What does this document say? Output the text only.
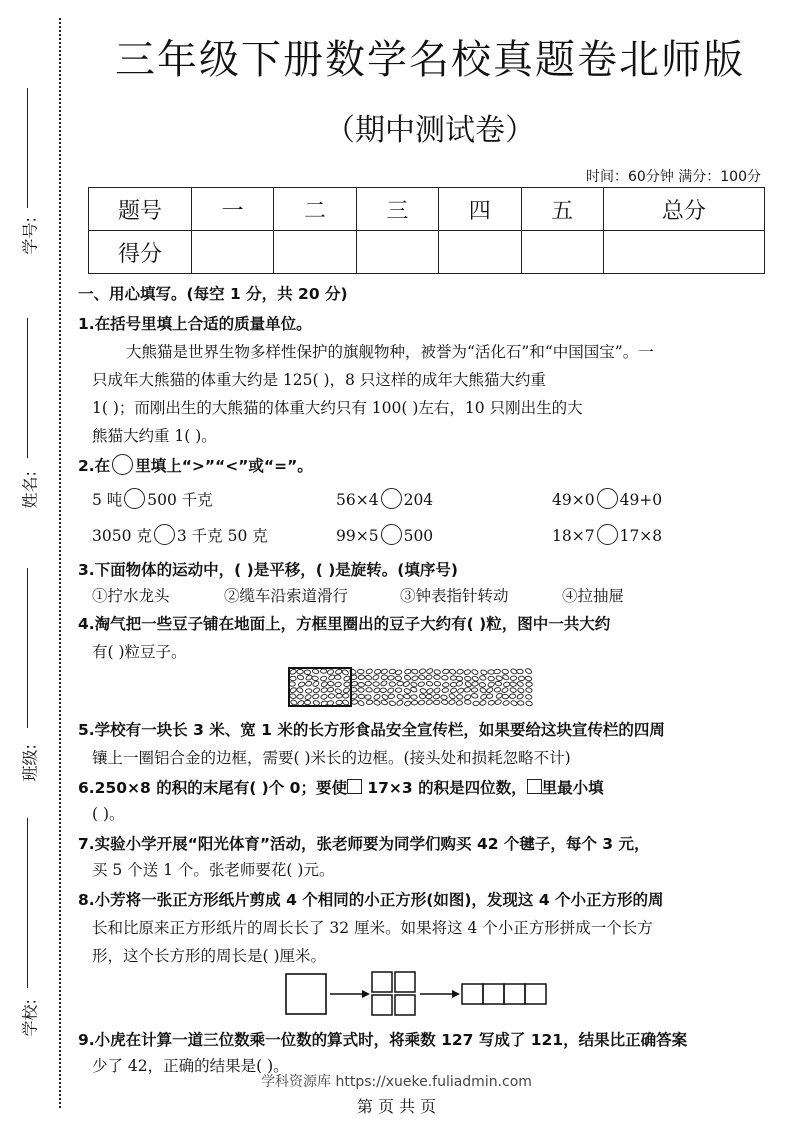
学号:
姓名:
班级:
学校:
三年级下册数学名校真题卷北师版
（期中测试卷）
时间：60分钟 满分：100分
题号	一	二	三	四	五	总分
得分						
一、用心填写。(每空 1 分，共 20 分)
1.在括号里填上合适的质量单位。
大熊猫是世界生物多样性保护的旗舰物种，被誉为“活化石”和“中国国宝”。一
只成年大熊猫的体重大约是 125( )，8 只这样的成年大熊猫大约重
1( )；而刚出生的大熊猫的体重大约只有 100( )左右，10 只刚出生的大
熊猫大约重 1( )。
2.在 里填上“>”“<”或“=”。
5 吨 500 千克	56×4 204	49×0 49+0
3050 克 3 千克 50 克	99×5 500	18×7 17×8
3.下面物体的运动中，( )是平移，( )是旋转。(填序号)
①拧水龙头	②缆车沿索道滑行	③钟表指针转动	④拉抽屉
4.淘气把一些豆子铺在地面上，方框里圈出的豆子大约有( )粒，图中一共大约
有( )粒豆子。
5.学校有一块长 3 米、宽 1 米的长方形食品安全宣传栏，如果要给这块宣传栏的四周
镶上一圈铝合金的边框，需要( )米长的边框。(接头处和损耗忽略不计)
6.250×8 的积的末尾有( )个 0；要使 17×3 的积是四位数， 里最小填
( )。
7.实验小学开展“阳光体育”活动，张老师要为同学们购买 42 个毽子，每个 3 元，
买 5 个送 1 个。张老师要花( )元。
8.小芳将一张正方形纸片剪成 4 个相同的小正方形(如图)，发现这 4 个小正方形的周
长和比原来正方形纸片的周长长了 32 厘米。如果将这 4 个小正方形拼成一个长方
形，这个长方形的周长是( )厘米。
9.小虎在计算一道三位数乘一位数的算式时，将乘数 127 写成了 121，结果比正确答案
少了 42，正确的结果是( )。
学科资源库 https://xueke.fuliadmin.com
第 页 共 页
